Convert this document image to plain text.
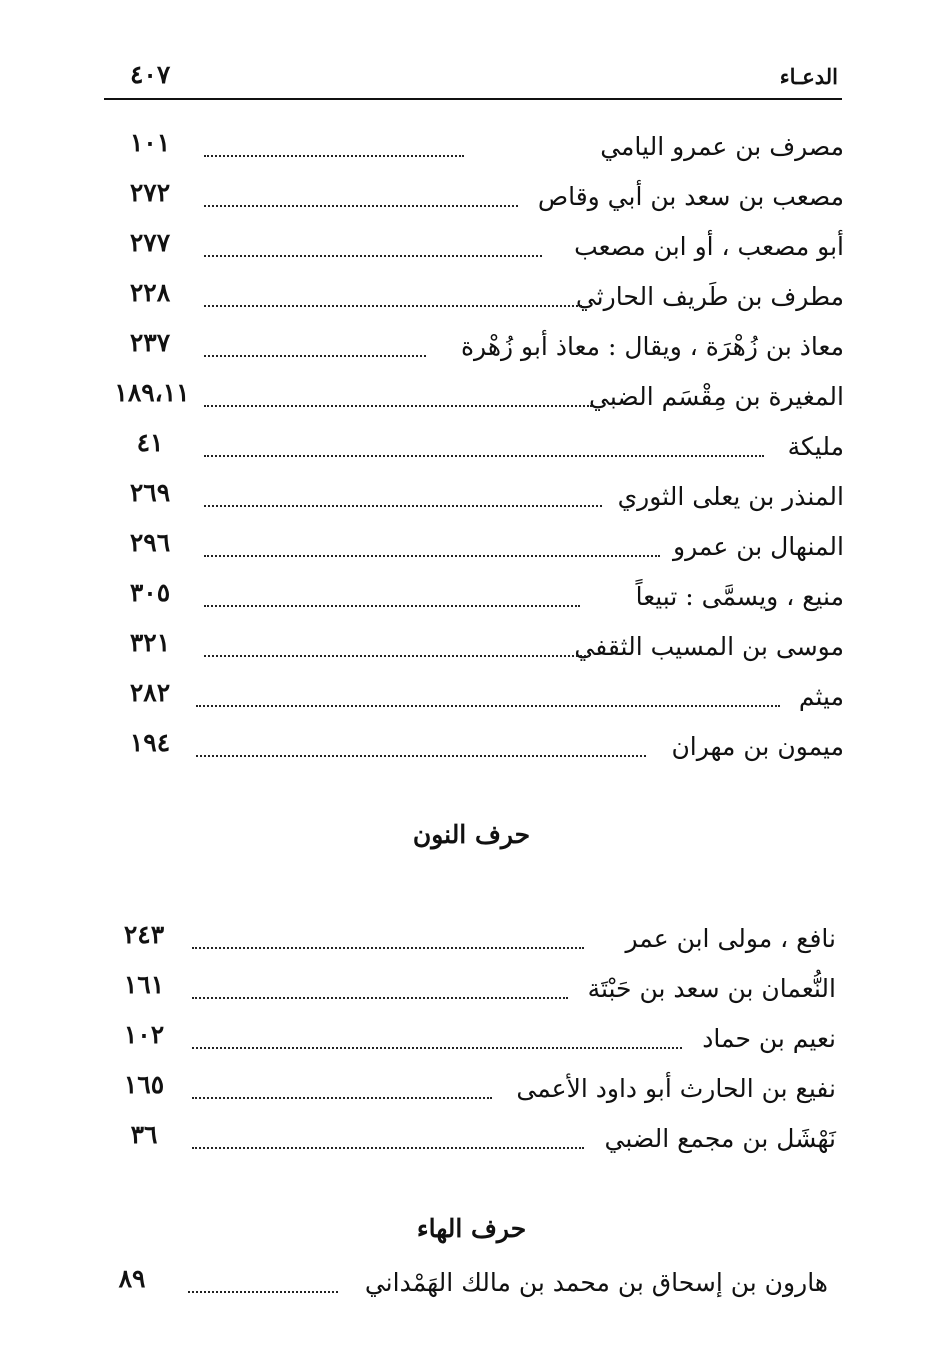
الدعـاء
٤٠٧
مصرف بن عمرو اليامي
١٠١
مصعب بن سعد بن أبي وقاص
٢٧٢
أبو مصعب ، أو ابن مصعب
٢٧٧
مطرف بن طَريف الحارثي
٢٢٨
معاذ بن زُهْرَة ، ويقال : معاذ أبو زُهْرة
٢٣٧
المغيرة بن مِقْسَم الضبي
١٨٩،١١
مليكة
٤١
المنذر بن يعلى الثوري
٢٦٩
المنهال بن عمرو
٢٩٦
منيع ، ويسمَّى : تبيعاً
٣٠٥
موسى بن المسيب الثقفي
٣٢١
ميثم
٢٨٢
ميمون بن مهران
١٩٤
حرف النون
نافع ، مولى ابن عمر
٢٤٣
النُّعمان بن سعد بن حَبْتَة
١٦١
نعيم بن حماد
١٠٢
نفيع بن الحارث أبو داود الأعمى
١٦٥
نَهْشَل بن مجمع الضبي
٣٦
حرف الهاء
هارون بن إسحاق بن محمد بن مالك الهَمْداني
٨٩
